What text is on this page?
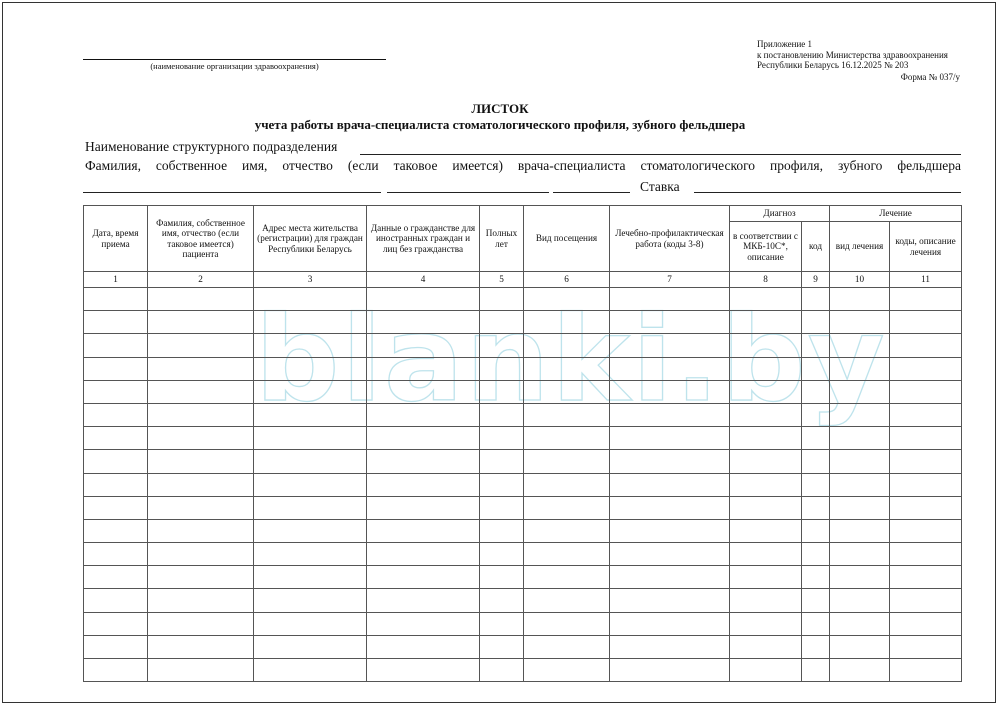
(наименование организации здравоохранения)
Приложение 1
к постановлению Министерства здравоохранения
Республики Беларусь 16.12.2025 № 203
Форма № 037/у
ЛИСТОК
учета работы врача-специалиста стоматологического профиля, зубного фельдшера
Наименование структурного подразделения
Фамилия, собственное имя, отчество (если таковое имеется) врача-специалиста стоматологического профиля, зубного фельдшера
Ставка
blanki.by
Дата, время приема	Фамилия, собственное имя, отчество (если таковое имеется) пациента	Адрес места жительства (регистрации) для граждан Республики Беларусь	Данные о гражданстве для иностранных граждан и лиц без гражданства	Полных лет	Вид посещения	Лечебно-профилактическая работа (коды 3-8)	Диагноз		Лечение	
							в соответствии с МКБ-10С*, описание	код	вид лечения	коды, описание лечения
1	2	3	4	5	6	7	8	9	10	11
